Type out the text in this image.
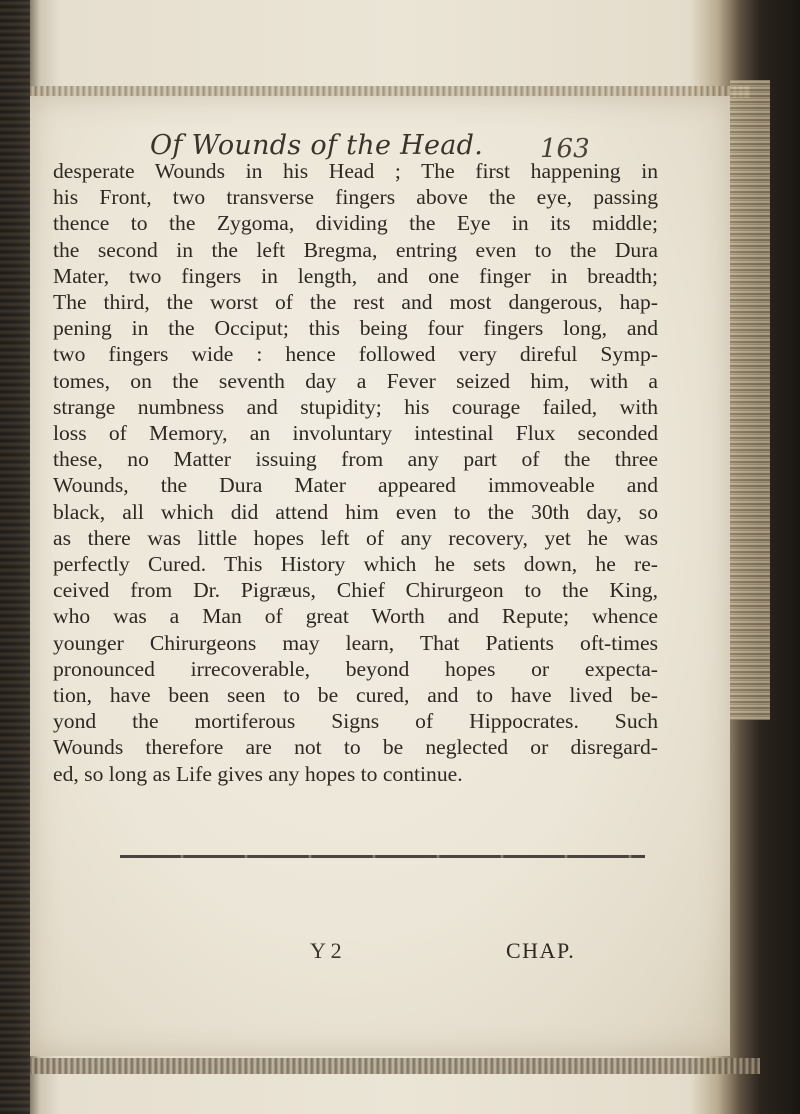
Of Wounds of the Head. 163
desperate Wounds in his Head ; The first happening in
his Front, two transverse fingers above the eye, passing
thence to the Zygoma, dividing the Eye in its middle;
the second in the left Bregma, entring even to the Dura
Mater, two fingers in length, and one finger in breadth;
The third, the worst of the rest and most dangerous, hap-
pening in the Occiput; this being four fingers long, and
two fingers wide : hence followed very direful Symp-
tomes, on the seventh day a Fever seized him, with a
strange numbness and stupidity; his courage failed, with
loss of Memory, an involuntary intestinal Flux seconded
these, no Matter issuing from any part of the three
Wounds, the Dura Mater appeared immoveable and
black, all which did attend him even to the 30th day, so
as there was little hopes left of any recovery, yet he was
perfectly Cured. This History which he sets down, he re-
ceived from Dr. Pigræus, Chief Chirurgeon to the King,
who was a Man of great Worth and Repute; whence
younger Chirurgeons may learn, That Patients oft-times
pronounced irrecoverable, beyond hopes or expecta-
tion, have been seen to be cured, and to have lived be-
yond the mortiferous Signs of Hippocrates. Such
Wounds therefore are not to be neglected or disregard-
ed, so long as Life gives any hopes to continue.
Y 2	CHAP.
